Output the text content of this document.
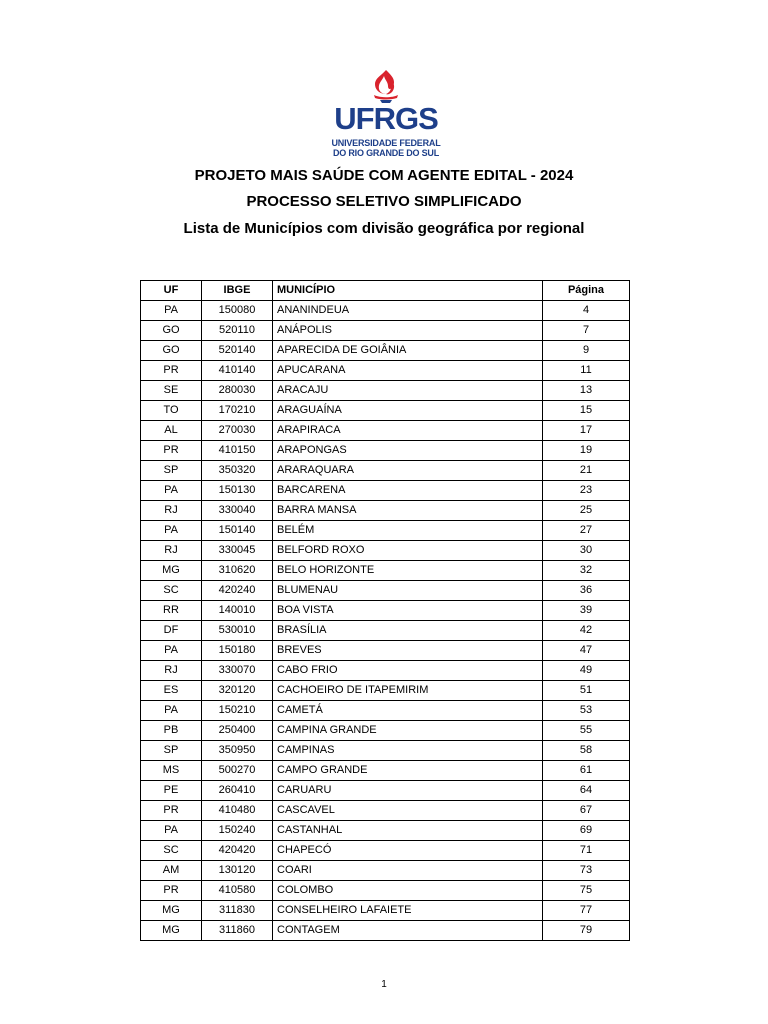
UFRGS
UNIVERSIDADE FEDERAL
DO RIO GRANDE DO SUL
PROJETO MAIS SAÚDE COM AGENTE EDITAL - 2024
PROCESSO SELETIVO SIMPLIFICADO
Lista de Municípios com divisão geográfica por regional
UF	IBGE	MUNICÍPIO	Página
PA	150080	ANANINDEUA	4
GO	520110	ANÁPOLIS	7
GO	520140	APARECIDA DE GOIÂNIA	9
PR	410140	APUCARANA	11
SE	280030	ARACAJU	13
TO	170210	ARAGUAÍNA	15
AL	270030	ARAPIRACA	17
PR	410150	ARAPONGAS	19
SP	350320	ARARAQUARA	21
PA	150130	BARCARENA	23
RJ	330040	BARRA MANSA	25
PA	150140	BELÉM	27
RJ	330045	BELFORD ROXO	30
MG	310620	BELO HORIZONTE	32
SC	420240	BLUMENAU	36
RR	140010	BOA VISTA	39
DF	530010	BRASÍLIA	42
PA	150180	BREVES	47
RJ	330070	CABO FRIO	49
ES	320120	CACHOEIRO DE ITAPEMIRIM	51
PA	150210	CAMETÁ	53
PB	250400	CAMPINA GRANDE	55
SP	350950	CAMPINAS	58
MS	500270	CAMPO GRANDE	61
PE	260410	CARUARU	64
PR	410480	CASCAVEL	67
PA	150240	CASTANHAL	69
SC	420420	CHAPECÓ	71
AM	130120	COARI	73
PR	410580	COLOMBO	75
MG	311830	CONSELHEIRO LAFAIETE	77
MG	311860	CONTAGEM	79
1
